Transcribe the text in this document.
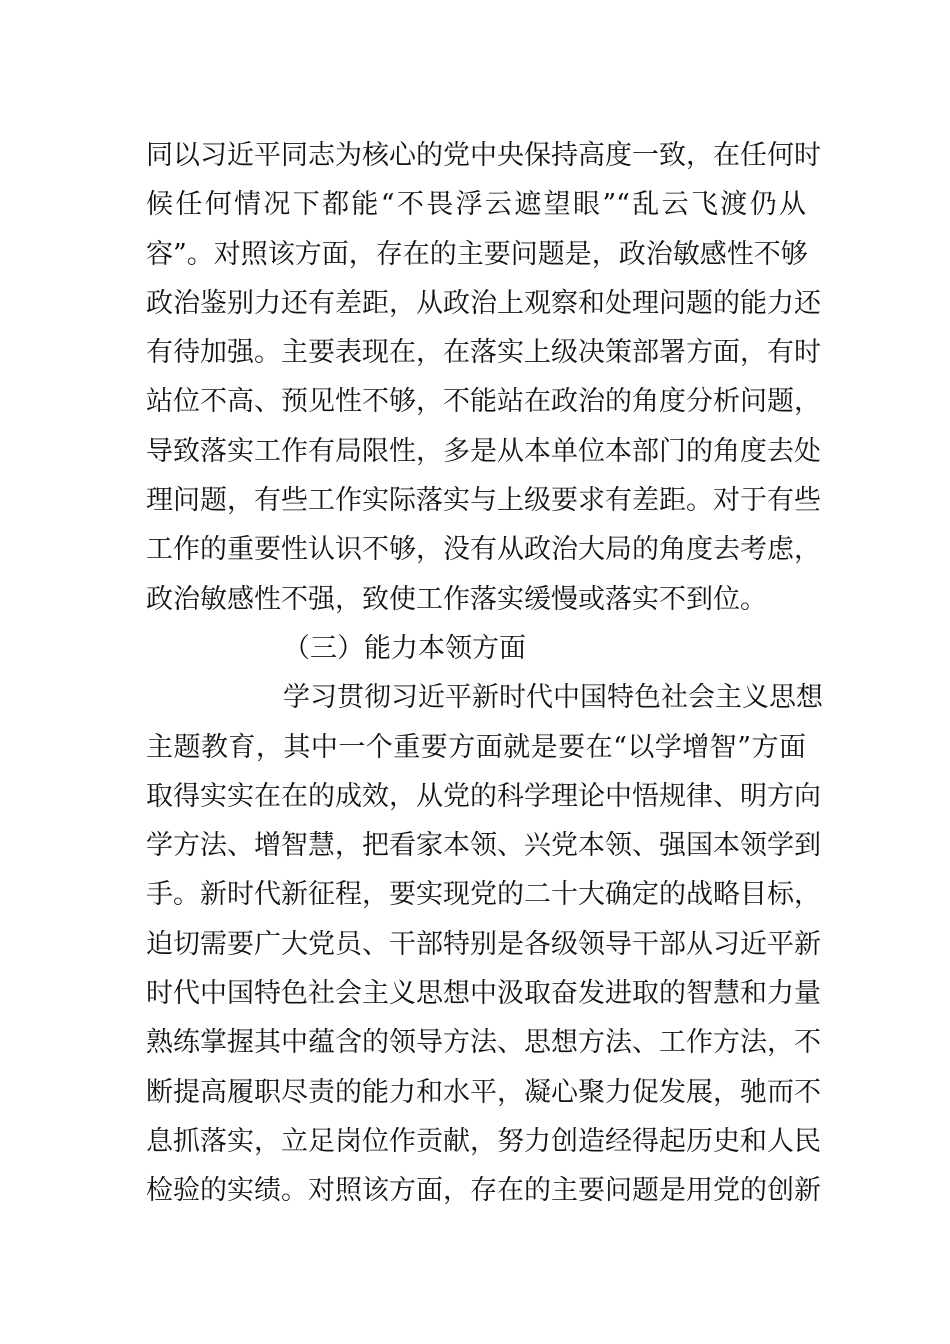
同以习近平同志为核心的党中央保持高度一致，在任何时
候任何情况下都能“不畏浮云遮望眼”“乱云飞渡仍从
容”。对照该方面，存在的主要问题是，政治敏感性不够
政治鉴别力还有差距，从政治上观察和处理问题的能力还
有待加强。主要表现在，在落实上级决策部署方面，有时
站位不高、预见性不够，不能站在政治的角度分析问题，
导致落实工作有局限性，多是从本单位本部门的角度去处
理问题，有些工作实际落实与上级要求有差距。对于有些
工作的重要性认识不够，没有从政治大局的角度去考虑，
政治敏感性不强，致使工作落实缓慢或落实不到位。
（三）能力本领方面
学习贯彻习近平新时代中国特色社会主义思想
主题教育，其中一个重要方面就是要在“以学增智”方面
取得实实在在的成效，从党的科学理论中悟规律、明方向
学方法、增智慧，把看家本领、兴党本领、强国本领学到
手。新时代新征程，要实现党的二十大确定的战略目标，
迫切需要广大党员、干部特别是各级领导干部从习近平新
时代中国特色社会主义思想中汲取奋发进取的智慧和力量
熟练掌握其中蕴含的领导方法、思想方法、工作方法，不
断提高履职尽责的能力和水平，凝心聚力促发展，驰而不
息抓落实，立足岗位作贡献，努力创造经得起历史和人民
检验的实绩。对照该方面，存在的主要问题是用党的创新
